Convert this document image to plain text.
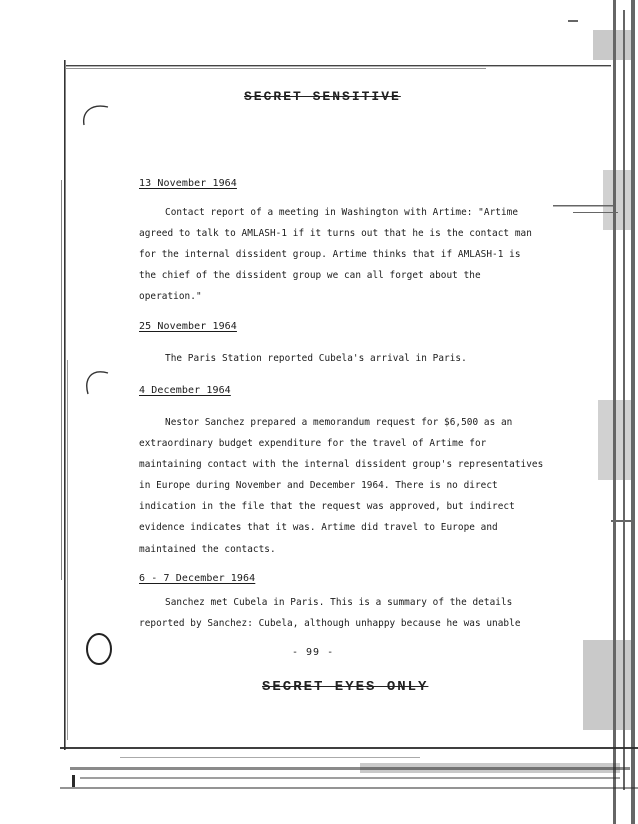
SECRET SENSITIVE
13 November 1964
Contact report of a meeting in Washington with Artime: "Artime
agreed to talk to AMLASH-1 if it turns out that he is the contact man
for the internal dissident group. Artime thinks that if AMLASH-1 is
the chief of the dissident group we can all forget about the
operation."
25 November 1964
The Paris Station reported Cubela's arrival in Paris.
4 December 1964
Nestor Sanchez prepared a memorandum request for $6,500 as an
extraordinary budget expenditure for the travel of Artime for
maintaining contact with the internal dissident group's representatives
in Europe during November and December 1964. There is no direct
indication in the file that the request was approved, but indirect
evidence indicates that it was. Artime did travel to Europe and
maintained the contacts.
6 - 7 December 1964
Sanchez met Cubela in Paris. This is a summary of the details
reported by Sanchez: Cubela, although unhappy because he was unable
- 99 -
SECRET EYES ONLY
